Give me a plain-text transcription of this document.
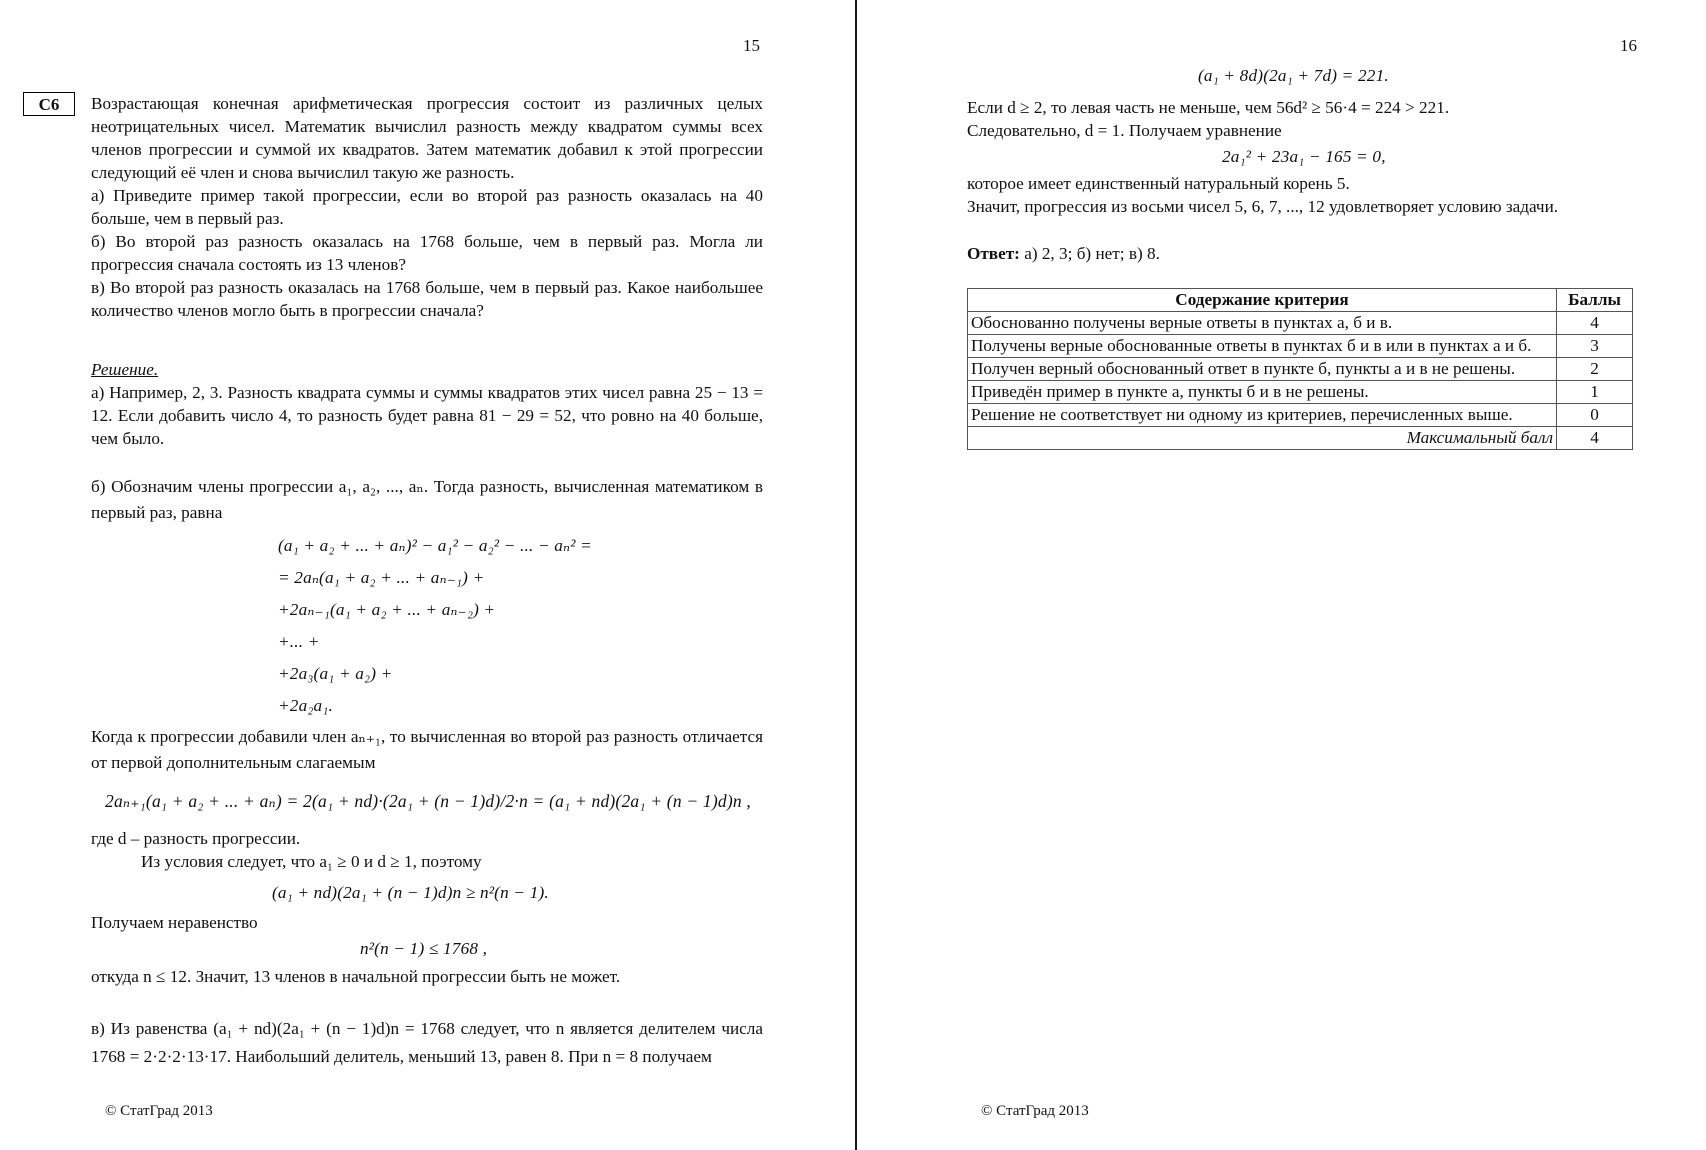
15
С6	Возрастающая конечная арифметическая прогрессия состоит из различных целых неотрицательных чисел. Математик вычислил разность между квадратом суммы всех членов прогрессии и суммой их квадратов. Затем математик добавил к этой прогрессии следующий её член и снова вычислил такую же разность.

а) Приведите пример такой прогрессии, если во второй раз разность оказалась на 40 больше, чем в первый раз.

б) Во второй раз разность оказалась на 1768 больше, чем в первый раз. Могла ли прогрессия сначала состоять из 13 членов?

в) Во второй раз разность оказалась на 1768 больше, чем в первый раз. Какое наибольшее количество членов могло быть в прогрессии сначала?

Решение.

а) Например, 2, 3. Разность квадрата суммы и суммы квадратов этих чисел равна 25 − 13 = 12. Если добавить число 4, то разность будет равна 81 − 29 = 52, что ровно на 40 больше, чем было.

б) Обозначим члены прогрессии a₁, a₂, ..., aₙ. Тогда разность, вычисленная математиком в первый раз, равна

(a₁ + a₂ + ... + aₙ)² − a₁² − a₂² − ... − aₙ² =

= 2aₙ(a₁ + a₂ + ... + aₙ₋₁) +

+2aₙ₋₁(a₁ + a₂ + ... + aₙ₋₂) +

+... +

+2a₃(a₁ + a₂) +

+2a₂a₁.

Когда к прогрессии добавили член aₙ₊₁, то вычисленная во второй раз разность отличается от первой дополнительным слагаемым
2aₙ₊₁(a₁ + a₂ + ... + aₙ) = 2(a₁ + nd)·(2a₁ + (n − 1)d)/2·n = (a₁ + nd)(2a₁ + (n − 1)d)n ,
где d – разность прогрессии.
Из условия следует, что a₁ ≥ 0 и d ≥ 1, поэтому
(a₁ + nd)(2a₁ + (n − 1)d)n ≥ n²(n − 1).
Получаем неравенство
n²(n − 1) ≤ 1768 ,
откуда n ≤ 12. Значит, 13 членов в начальной прогрессии быть не может.
в) Из равенства (a₁ + nd)(2a₁ + (n − 1)d)n = 1768 следует, что n является делителем числа 1768 = 2·2·2·13·17. Наибольший делитель, меньший 13, равен 8. При n = 8 получаем
© СтатГрад 2013
16
(a₁ + 8d)(2a₁ + 7d) = 221.
Если d ≥ 2, то левая часть не меньше, чем 56d² ≥ 56·4 = 224 > 221.
Следовательно, d = 1. Получаем уравнение
2a₁² + 23a₁ − 165 = 0,
которое имеет единственный натуральный корень 5.
Значит, прогрессия из восьми чисел 5, 6, 7, ..., 12 удовлетворяет условию задачи.
Ответ: а) 2, 3; б) нет; в) 8.
Содержание критерия	Баллы
Обоснованно получены верные ответы в пунктах а, б и в.	4
Получены верные обоснованные ответы в пунктах б и в или в пунктах а и б.	3
Получен верный обоснованный ответ в пункте б, пункты а и в не решены.	2
Приведён пример в пункте а, пункты б и в не решены.	1
Решение не соответствует ни одному из критериев, перечисленных выше.	0
Максимальный балл	4
© СтатГрад 2013
